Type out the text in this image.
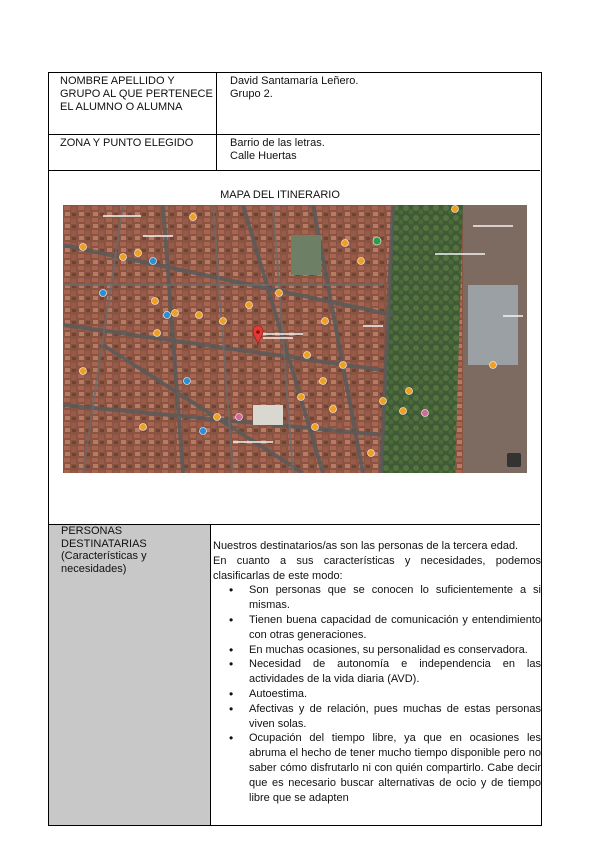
NOMBRE APELLIDO Y GRUPO AL QUE PERTENECE EL ALUMNO O ALUMNA
David Santamaría Leñero.
Grupo 2.
ZONA Y PUNTO ELEGIDO	Barrio de las letras.
Calle Huertas
MAPA DEL ITINERARIO
PERSONAS DESTINATARIAS (Características y necesidades)

Nuestros destinatarios/as son las personas de la tercera edad.

En cuanto a sus características y necesidades, podemos clasificarlas de este modo:

• Son personas que se conocen lo suficientemente a si mismas.
• Tienen buena capacidad de comunicación y entendimiento con otras generaciones.
• En muchas ocasiones, su personalidad es conservadora.
• Necesidad de autonomía e independencia en las actividades de la vida diaria (AVD).
• Autoestima.
• Afectivas y de relación, pues muchas de estas personas viven solas.
• Ocupación del tiempo libre, ya que en ocasiones les abruma el hecho de tener mucho tiempo disponible pero no saber cómo disfrutarlo ni con quién compartirlo. Cabe decir que es necesario buscar alternativas de ocio y de tiempo libre que se adapten
